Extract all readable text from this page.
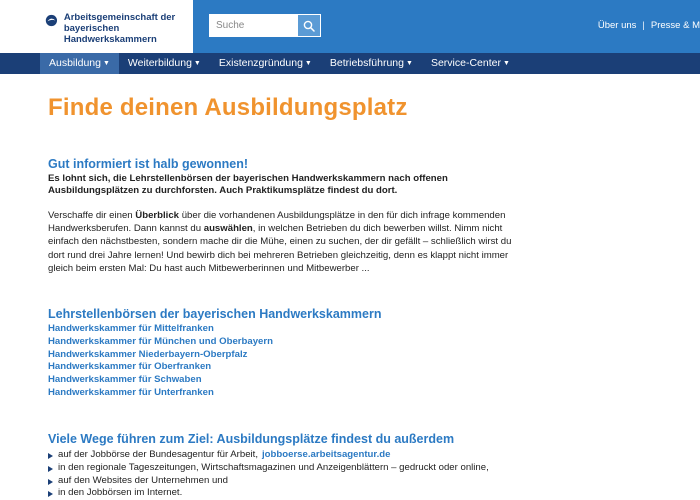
Arbeitsgemeinschaft der
bayerischen Handwerkskammern
Suche
Über uns | Presse & M
Ausbildung ▼	Weiterbildung ▼	Existenzgründung ▼	Betriebsführung ▼	Service-Center ▼
Finde deinen Ausbildungsplatz
Gut informiert ist halb gewonnen!

Es lohnt sich, die Lehrstellenbörsen der bayerischen Handwerkskammern nach offenen Ausbildungsplätzen zu durchforsten. Auch Praktikumsplätze findest du dort.

Verschaffe dir einen Überblick über die vorhandenen Ausbildungsplätze in den für dich infrage kommenden Handwerksberufen. Dann kannst du auswählen, in welchen Betrieben du dich bewerben willst. Nimm nicht einfach den nächstbesten, sondern mache dir die Mühe, einen zu suchen, der dir gefällt – schließlich wirst du dort rund drei Jahre lernen! Und bewirb dich bei mehreren Betrieben gleichzeitig, denn es klappt nicht immer gleich beim ersten Mal: Du hast auch Mitbewerberinnen und Mitbewerber ...

Lehrstellenbörsen der bayerischen Handwerkskammern
Handwerkskammer für Mittelfranken
Handwerkskammer für München und Oberbayern
Handwerkskammer Niederbayern-Oberpfalz
Handwerkskammer für Oberfranken
Handwerkskammer für Schwaben
Handwerkskammer für Unterfranken
Viele Wege führen zum Ziel: Ausbildungsplätze findest du außerdem
auf der Jobbörse der Bundesagentur für Arbeit, jobboerse.arbeitsagentur.de
in den regionale Tageszeitungen, Wirtschaftsmagazinen und Anzeigenblättern – gedruckt oder online,
auf den Websites der Unternehmen und
in den Jobbörsen im Internet.
